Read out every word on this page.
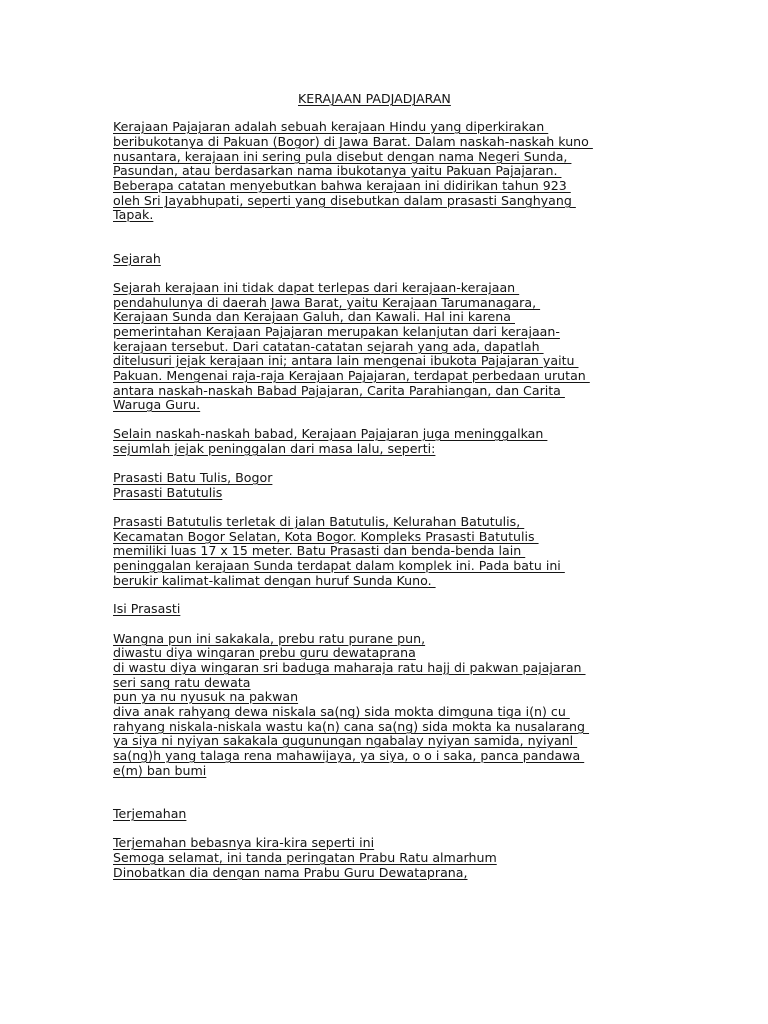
KERAJAAN PADJADJARAN
Kerajaan Pajajaran adalah sebuah kerajaan Hindu yang diperkirakan
beribukotanya di Pakuan (Bogor) di Jawa Barat. Dalam naskah-naskah kuno
nusantara, kerajaan ini sering pula disebut dengan nama Negeri Sunda,
Pasundan, atau berdasarkan nama ibukotanya yaitu Pakuan Pajajaran.
Beberapa catatan menyebutkan bahwa kerajaan ini didirikan tahun 923
oleh Sri Jayabhupati, seperti yang disebutkan dalam prasasti Sanghyang
Tapak.
Sejarah
Sejarah kerajaan ini tidak dapat terlepas dari kerajaan-kerajaan
pendahulunya di daerah Jawa Barat, yaitu Kerajaan Tarumanagara,
Kerajaan Sunda dan Kerajaan Galuh, dan Kawali. Hal ini karena
pemerintahan Kerajaan Pajajaran merupakan kelanjutan dari kerajaan-
kerajaan tersebut. Dari catatan-catatan sejarah yang ada, dapatlah
ditelusuri jejak kerajaan ini; antara lain mengenai ibukota Pajajaran yaitu
Pakuan. Mengenai raja-raja Kerajaan Pajajaran, terdapat perbedaan urutan
antara naskah-naskah Babad Pajajaran, Carita Parahiangan, dan Carita
Waruga Guru.
Selain naskah-naskah babad, Kerajaan Pajajaran juga meninggalkan
sejumlah jejak peninggalan dari masa lalu, seperti:
Prasasti Batu Tulis, Bogor
Prasasti Batutulis
Prasasti Batutulis terletak di jalan Batutulis, Kelurahan Batutulis,
Kecamatan Bogor Selatan, Kota Bogor. Kompleks Prasasti Batutulis
memiliki luas 17 x 15 meter. Batu Prasasti dan benda-benda lain
peninggalan kerajaan Sunda terdapat dalam komplek ini. Pada batu ini
berukir kalimat-kalimat dengan huruf Sunda Kuno.
Isi Prasasti
Wangna pun ini sakakala, prebu ratu purane pun,
diwastu diya wingaran prebu guru dewataprana
di wastu diya wingaran sri baduga maharaja ratu hajj di pakwan pajajaran
seri sang ratu dewata
pun ya nu nyusuk na pakwan
diva anak rahyang dewa niskala sa(ng) sida mokta dimguna tiga i(n) cu
rahyang niskala-niskala wastu ka(n) cana sa(ng) sida mokta ka nusalarang
ya siya ni nyiyan sakakala gugunungan ngabalay nyiyan samida, nyiyanl
sa(ng)h yang talaga rena mahawijaya, ya siya, o o i saka, panca pandawa
e(m) ban bumi
Terjemahan
Terjemahan bebasnya kira-kira seperti ini
Semoga selamat, ini tanda peringatan Prabu Ratu almarhum
Dinobatkan dia dengan nama Prabu Guru Dewataprana,
